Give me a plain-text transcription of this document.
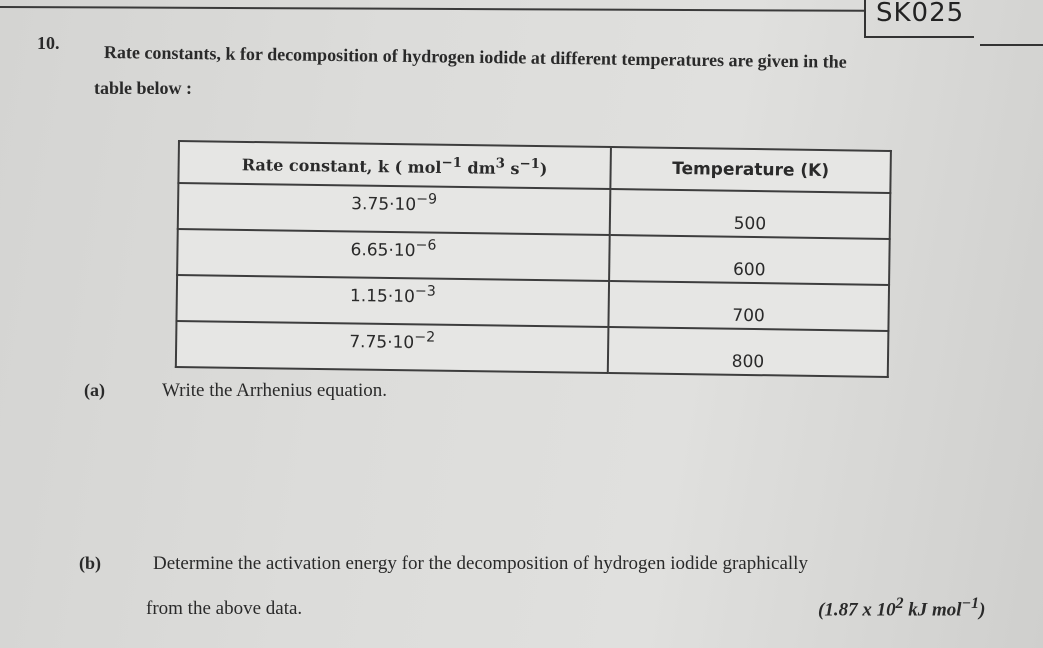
SK025
10. Rate constants, k for decomposition of hydrogen iodide at different temperatures are given in the
table below :
Rate constant, k ( mol$^{-1}$ $dm^3$ $s^{-1}$)	Temperature (K)
$3.75\cdot 10^{-9}$	500
$6.65\cdot 10^{-6}$	600
$1.15\cdot 10^{-3}$	700
$7.75\cdot 10^{-2}$	800
(a)	Write the Arrhenius equation.
(b)	Determine the activation energy for the decomposition of hydrogen iodide graphically
from the above data.	(1.87 x $10^2$ kJ mol$^{-1}$)
